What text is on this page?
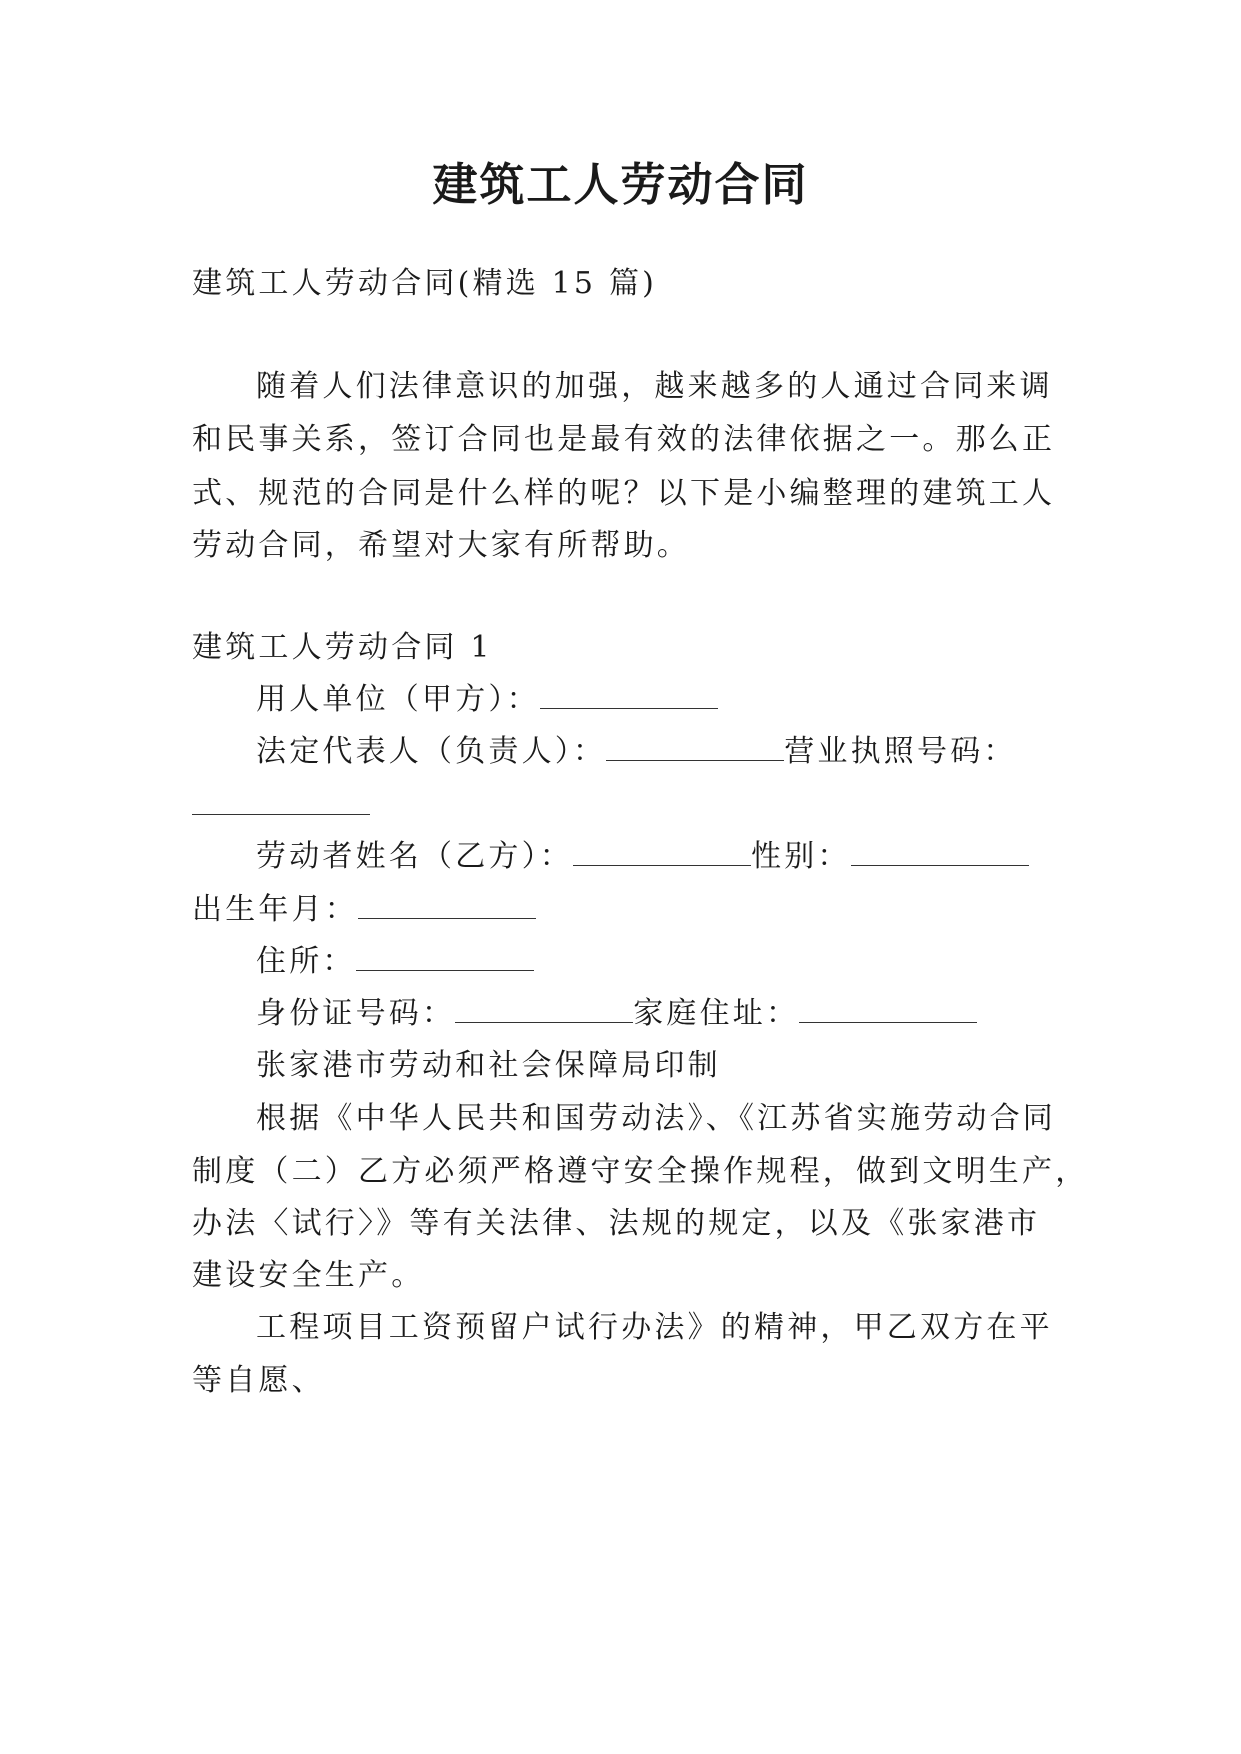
建筑工人劳动合同
建筑工人劳动合同(精选 15 篇)
随着人们法律意识的加强，越来越多的人通过合同来调
和民事关系，签订合同也是最有效的法律依据之一。那么正
式、规范的合同是什么样的呢？以下是小编整理的建筑工人
劳动合同，希望对大家有所帮助。
建筑工人劳动合同 1
用人单位（甲方）：
法定代表人（负责人）：	营业执照号码：
劳动者姓名（乙方）：	性别：
出生年月：
住所：
身份证号码：	家庭住址：
张家港市劳动和社会保障局印制
根据《中华人民共和国劳动法》、《江苏省实施劳动合同
制度（二）乙方必须严格遵守安全操作规程，做到文明生产，
办法〈试行〉》等有关法律、法规的规定，以及《张家港市
建设安全生产。
工程项目工资预留户试行办法》的精神，甲乙双方在平
等自愿、
